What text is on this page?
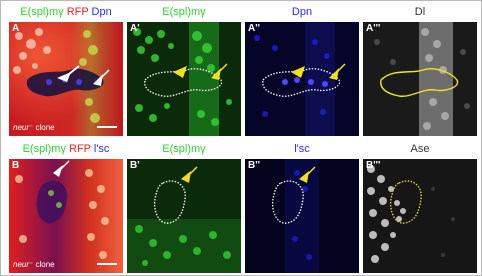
E(spl)mγ RFP Dpn	E(spl)mγ	Dpn	Dl
A
neur⁻ clone
A'	A''	A'''
E(spl)mγ RFP l'sc	E(spl)mγ	l'sc	Ase
B
neur⁻ clone
B'	B''	B'''
